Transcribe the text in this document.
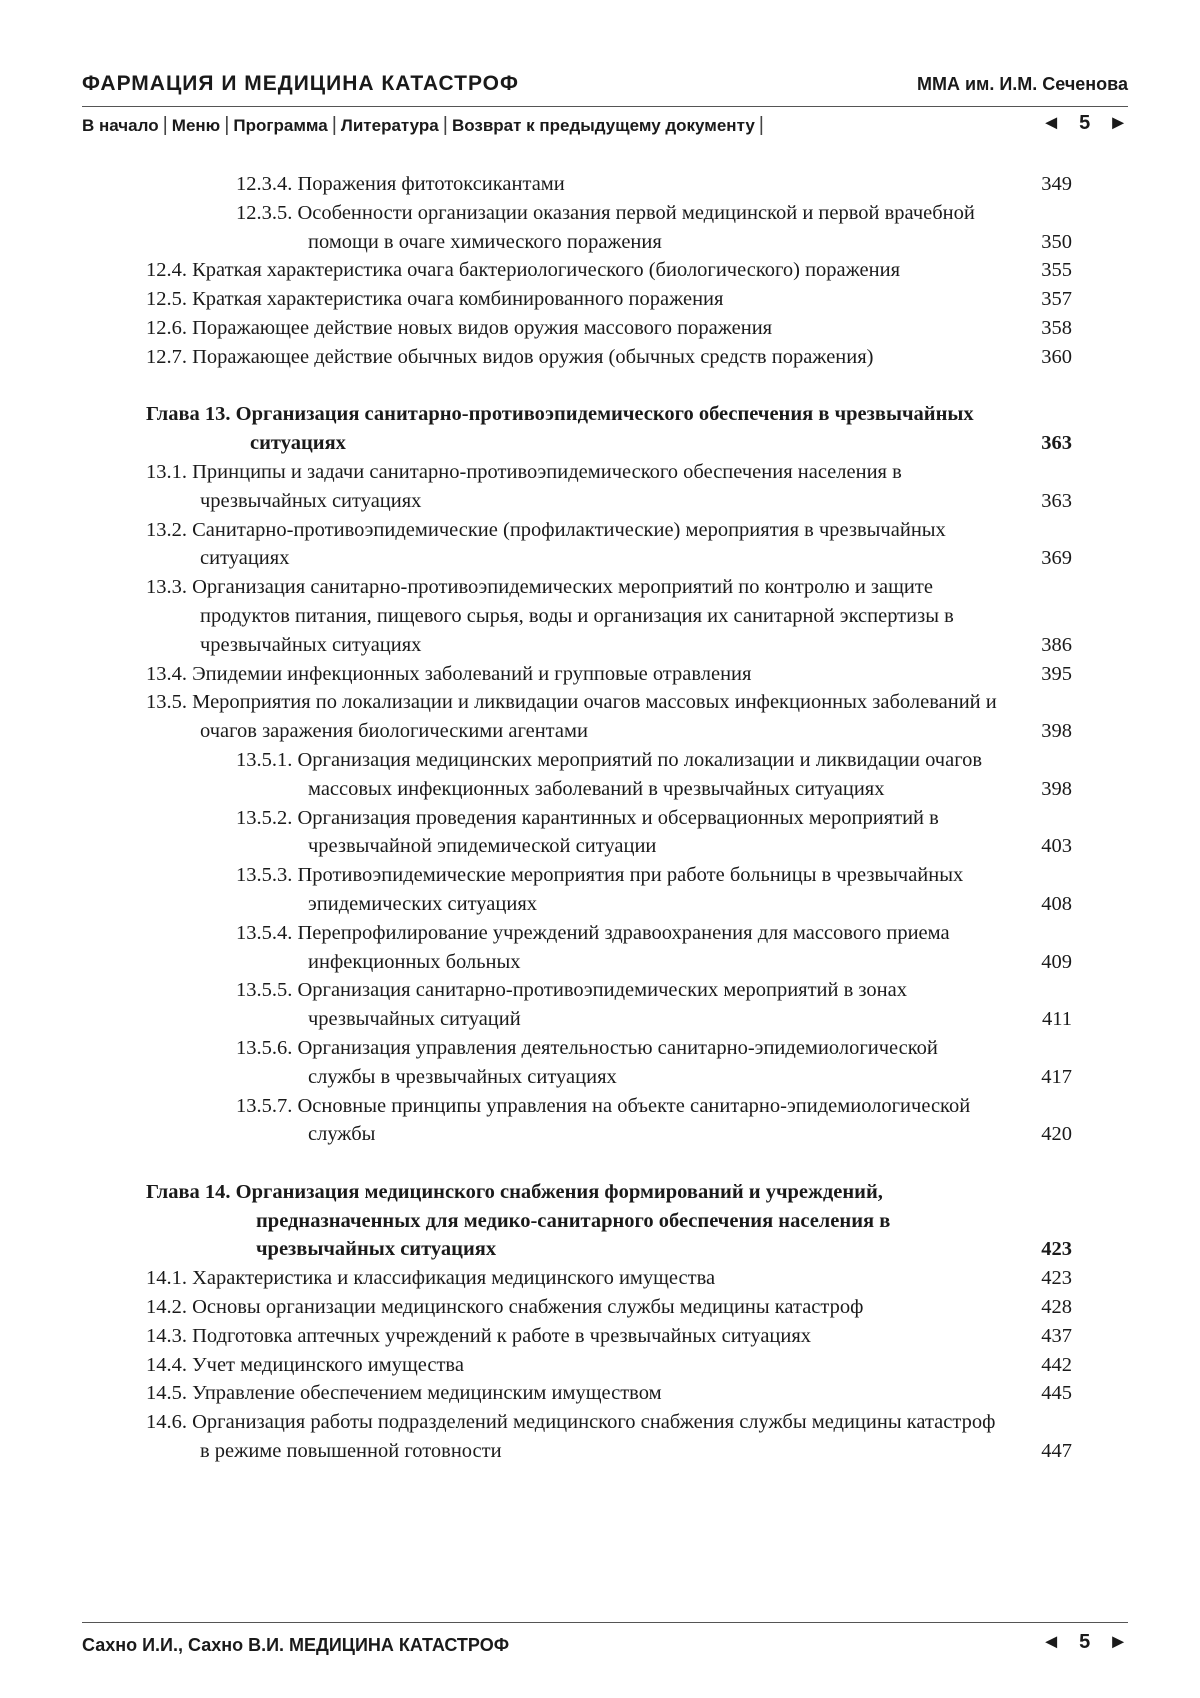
ФАРМАЦИЯ И МЕДИЦИНА КАТАСТРОФ	ММА им. И.М. Сеченова
В начало | Меню | Программа | Литература | Возврат к предыдущему документу |	◄ 5 ►
12.3.4. Поражения фитотоксикантами	349
12.3.5. Особенности организации оказания первой медицинской и первой врачебной помощи в очаге химического поражения	350
12.4. Краткая характеристика очага бактериологического (биологического) поражения	355
12.5. Краткая характеристика очага комбинированного поражения	357
12.6. Поражающее действие новых видов оружия массового поражения	358
12.7. Поражающее действие обычных видов оружия (обычных средств поражения)	360
Глава 13. Организация санитарно-противоэпидемического обеспечения в чрезвычайных ситуациях	363
13.1. Принципы и задачи санитарно-противоэпидемического обеспечения населения в чрезвычайных ситуациях	363
13.2. Санитарно-противоэпидемические (профилактические) мероприятия в чрезвычайных ситуациях	369
13.3. Организация санитарно-противоэпидемических мероприятий по контролю и защите продуктов питания, пищевого сырья, воды и организация их санитарной экспертизы в чрезвычайных ситуациях	386
13.4. Эпидемии инфекционных заболеваний и групповые отравления	395
13.5. Мероприятия по локализации и ликвидации очагов массовых инфекционных заболеваний и очагов заражения биологическими агентами	398
13.5.1. Организация медицинских мероприятий по локализации и ликвидации очагов массовых инфекционных заболеваний в чрезвычайных ситуациях	398
13.5.2. Организация проведения карантинных и обсервационных мероприятий в чрезвычайной эпидемической ситуации	403
13.5.3. Противоэпидемические мероприятия при работе больницы в чрезвычайных эпидемических ситуациях	408
13.5.4. Перепрофилирование учреждений здравоохранения для массового приема инфекционных больных	409
13.5.5. Организация санитарно-противоэпидемических мероприятий в зонах чрезвычайных ситуаций	411
13.5.6. Организация управления деятельностью санитарно-эпидемиологической службы в чрезвычайных ситуациях	417
13.5.7. Основные принципы управления на объекте санитарно-эпидемиологической службы	420
Глава 14. Организация медицинского снабжения формирований и учреждений, предназначенных для медико-санитарного обеспечения населения в чрезвычайных ситуациях	423
14.1. Характеристика и классификация медицинского имущества	423
14.2. Основы организации медицинского снабжения службы медицины катастроф	428
14.3. Подготовка аптечных учреждений к работе в чрезвычайных ситуациях	437
14.4. Учет медицинского имущества	442
14.5. Управление обеспечением медицинским имуществом	445
14.6. Организация работы подразделений медицинского снабжения службы медицины катастроф в режиме повышенной готовности	447
Сахно И.И., Сахно В.И. МЕДИЦИНА КАТАСТРОФ	◄ 5 ►
